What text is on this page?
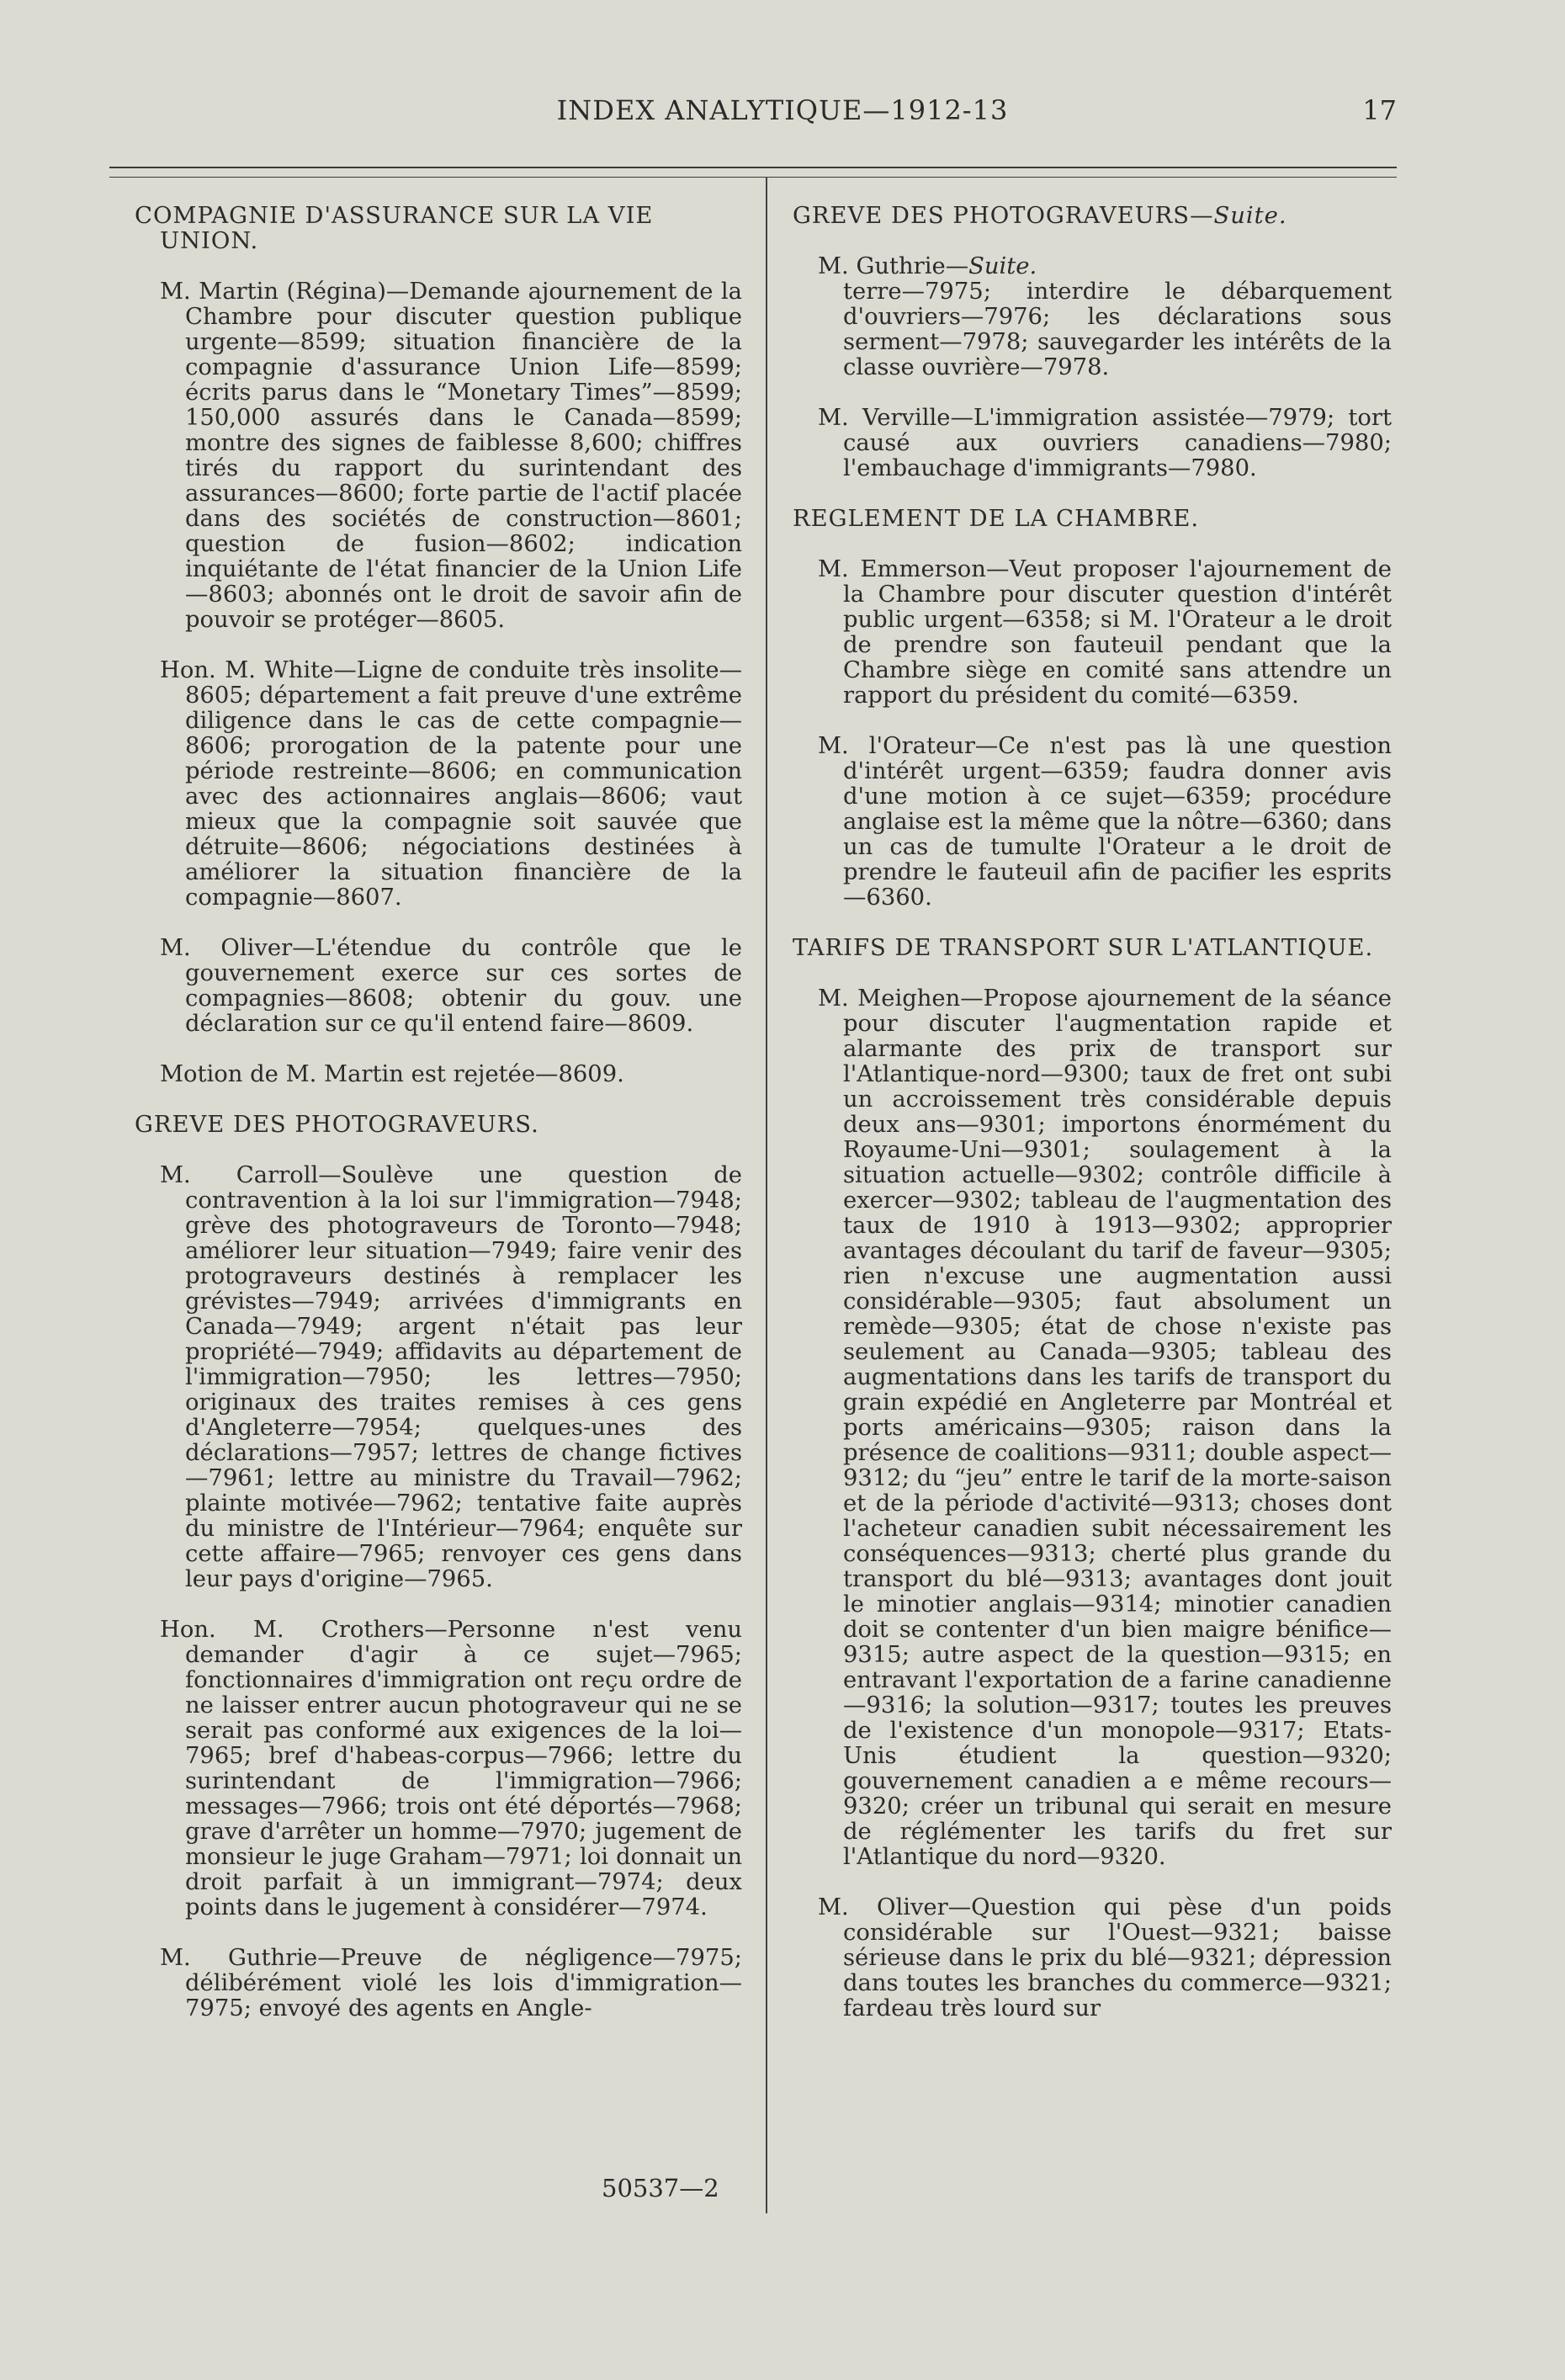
INDEX ANALYTIQUE—1912-13	17
COMPAGNIE D'ASSURANCE SUR LA VIE UNION.
M. Martin (Régina)—Demande ajournement de la Chambre pour discuter question publique urgente—8599; situation financière de la compagnie d'assurance Union Life—8599; écrits parus dans le “Monetary Times”—8599; 150,000 assurés dans le Canada—8599; montre des signes de faiblesse 8,600; chiffres tirés du rapport du surintendant des assurances—8600; forte partie de l'actif placée dans des sociétés de construction—8601; question de fusion—8602; indication inquiétante de l'état financier de la Union Life—8603; abonnés ont le droit de savoir afin de pouvoir se protéger—8605.
Hon. M. White—Ligne de conduite très insolite—8605; département a fait preuve d'une extrême diligence dans le cas de cette compagnie—8606; prorogation de la patente pour une période restreinte—8606; en communication avec des actionnaires anglais—8606; vaut mieux que la compagnie soit sauvée que détruite—8606; négociations destinées à améliorer la situation financière de la compagnie—8607.
M. Oliver—L'étendue du contrôle que le gouvernement exerce sur ces sortes de compagnies—8608; obtenir du gouv. une déclaration sur ce qu'il entend faire—8609.
Motion de M. Martin est rejetée—8609.
GREVE DES PHOTOGRAVEURS.
M. Carroll—Soulève une question de contravention à la loi sur l'immigration—7948; grève des photograveurs de Toronto—7948; améliorer leur situation—7949; faire venir des protograveurs destinés à remplacer les grévistes—7949; arrivées d'immigrants en Canada—7949; argent n'était pas leur propriété—7949; affidavits au département de l'immigration—7950; les lettres—7950; originaux des traites remises à ces gens d'Angleterre—7954; quelques-unes des déclarations—7957; lettres de change fictives—7961; lettre au ministre du Travail—7962; plainte motivée—7962; tentative faite auprès du ministre de l'Intérieur—7964; enquête sur cette affaire—7965; renvoyer ces gens dans leur pays d'origine—7965.
Hon. M. Crothers—Personne n'est venu demander d'agir à ce sujet—7965; fonctionnaires d'immigration ont reçu ordre de ne laisser entrer aucun photograveur qui ne se serait pas conformé aux exigences de la loi—7965; bref d'habeas-corpus—7966; lettre du surintendant de l'immigration—7966; messages—7966; trois ont été déportés—7968; grave d'arrêter un homme—7970; jugement de monsieur le juge Graham—7971; loi donnait un droit parfait à un immigrant—7974; deux points dans le jugement à considérer—7974.
M. Guthrie—Preuve de négligence—7975; délibérément violé les lois d'immigration—7975; envoyé des agents en Angle-
GREVE DES PHOTOGRAVEURS—Suite.
M. Guthrie—Suite.
terre—7975; interdire le débarquement d'ouvriers—7976; les déclarations sous serment—7978; sauvegarder les intérêts de la classe ouvrière—7978.
M. Verville—L'immigration assistée—7979; tort causé aux ouvriers canadiens—7980; l'embauchage d'immigrants—7980.
REGLEMENT DE LA CHAMBRE.
M. Emmerson—Veut proposer l'ajournement de la Chambre pour discuter question d'intérêt public urgent—6358; si M. l'Orateur a le droit de prendre son fauteuil pendant que la Chambre siège en comité sans attendre un rapport du président du comité—6359.
M. l'Orateur—Ce n'est pas là une question d'intérêt urgent—6359; faudra donner avis d'une motion à ce sujet—6359; procédure anglaise est la même que la nôtre—6360; dans un cas de tumulte l'Orateur a le droit de prendre le fauteuil afin de pacifier les esprits—6360.
TARIFS DE TRANSPORT SUR L'ATLANTIQUE.
M. Meighen—Propose ajournement de la séance pour discuter l'augmentation rapide et alarmante des prix de transport sur l'Atlantique-nord—9300; taux de fret ont subi un accroissement très considérable depuis deux ans—9301; importons énormément du Royaume-Uni—9301; soulagement à la situation actuelle—9302; contrôle difficile à exercer—9302; tableau de l'augmentation des taux de 1910 à 1913—9302; approprier avantages découlant du tarif de faveur—9305; rien n'excuse une augmentation aussi considérable—9305; faut absolument un remède—9305; état de chose n'existe pas seulement au Canada—9305; tableau des augmentations dans les tarifs de transport du grain expédié en Angleterre par Montréal et ports américains—9305; raison dans la présence de coalitions—9311; double aspect—9312; du “jeu” entre le tarif de la morte-saison et de la période d'activité—9313; choses dont l'acheteur canadien subit nécessairement les conséquences—9313; cherté plus grande du transport du blé—9313; avantages dont jouit le minotier anglais—9314; minotier canadien doit se contenter d'un bien maigre bénifice—9315; autre aspect de la question—9315; en entravant l'exportation de a farine canadienne—9316; la solution—9317; toutes les preuves de l'existence d'un monopole—9317; Etats-Unis étudient la question—9320; gouvernement canadien a e même recours—9320; créer un tribunal qui serait en mesure de réglémenter les tarifs du fret sur l'Atlantique du nord—9320.
M. Oliver—Question qui pèse d'un poids considérable sur l'Ouest—9321; baisse sérieuse dans le prix du blé—9321; dépression dans toutes les branches du commerce—9321; fardeau très lourd sur
50537—2
